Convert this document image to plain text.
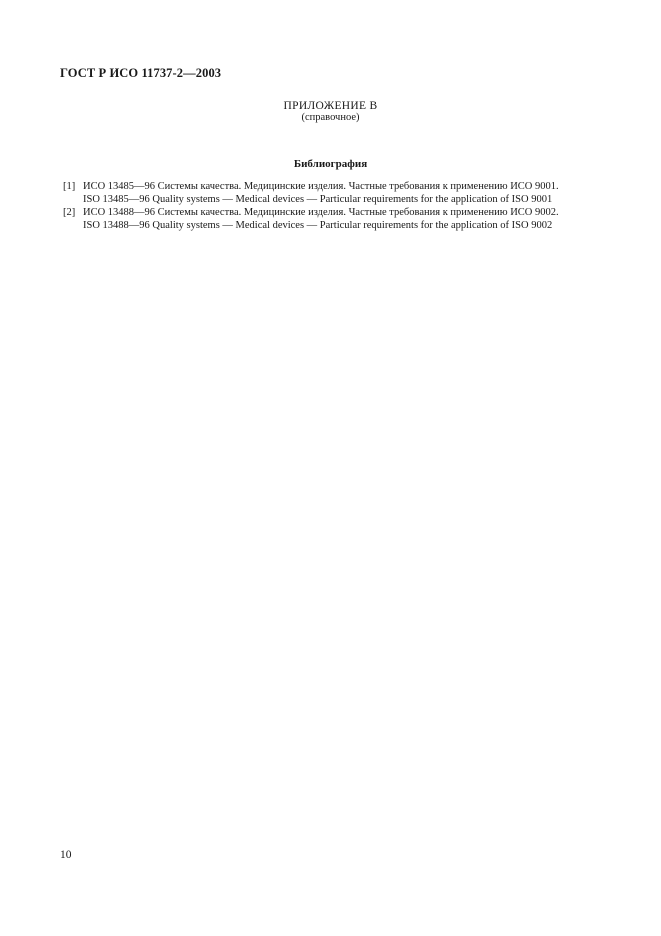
ГОСТ Р ИСО 11737-2—2003
ПРИЛОЖЕНИЕ В
(справочное)
Библиография
[1] ИСО 13485—96 Системы качества. Медицинские изделия. Частные требования к применению ИСО 9001.
ISO 13485—96 Quality systems — Medical devices — Particular requirements for the application of ISO 9001
[2] ИСО 13488—96 Системы качества. Медицинские изделия. Частные требования к применению ИСО 9002.
ISO 13488—96 Quality systems — Medical devices — Particular requirements for the application of ISO 9002
10
